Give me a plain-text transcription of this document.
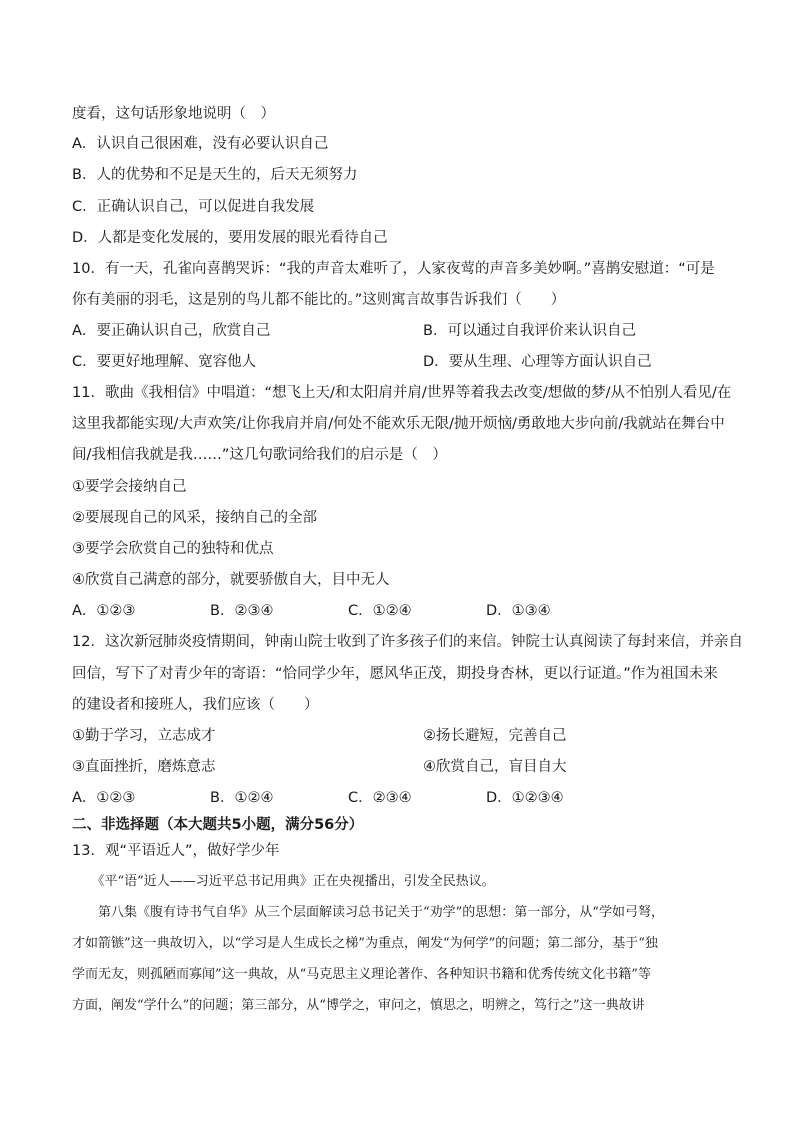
度看，这句话形象地说明（　）
A．认识自己很困难，没有必要认识自己
B．人的优势和不足是天生的，后天无须努力
C．正确认识自己，可以促进自我发展
D．人都是变化发展的，要用发展的眼光看待自己
10．有一天，孔雀向喜鹊哭诉：“我的声音太难听了，人家夜莺的声音多美妙啊。”喜鹊安慰道：“可是
你有美丽的羽毛，这是别的鸟儿都不能比的。”这则寓言故事告诉我们（　　）
A．要正确认识自己，欣赏自己	B．可以通过自我评价来认识自己
C．要更好地理解、宽容他人	D．要从生理、心理等方面认识自己
11．歌曲《我相信》中唱道：“想飞上天/和太阳肩并肩/世界等着我去改变/想做的梦/从不怕别人看见/在
这里我都能实现/大声欢笑/让你我肩并肩/何处不能欢乐无限/抛开烦恼/勇敢地大步向前/我就站在舞台中
间/我相信我就是我……”这几句歌词给我们的启示是（　）
①要学会接纳自己
②要展现自己的风采，接纳自己的全部
③要学会欣赏自己的独特和优点
④欣赏自己满意的部分，就要骄傲自大，目中无人
A．①②③	B．②③④	C．①②④	D．①③④
12．这次新冠肺炎疫情期间，钟南山院士收到了许多孩子们的来信。钟院士认真阅读了每封来信，并亲自
回信，写下了对青少年的寄语：“恰同学少年，愿风华正茂，期投身杏林，更以行证道。”作为祖国未来
的建设者和接班人，我们应该（　　）
①勤于学习，立志成才	②扬长避短，完善自己
③直面挫折，磨炼意志	④欣赏自己，盲目自大
A．①②③	B．①②④	C．②③④	D．①②③④
二、非选择题（本大题共5小题，满分56分）
13．观“平语近人”，做好学少年
　　《平“语”近人——习近平总书记用典》正在央视播出，引发全民热议。
　　第八集《腹有诗书气自华》从三个层面解读习总书记关于“劝学”的思想：第一部分，从“学如弓弩，
才如箭镞”这一典故切入，以“学习是人生成长之梯”为重点，阐发“为何学”的问题；第二部分，基于“独
学而无友，则孤陋而寡闻”这一典故，从“马克思主义理论著作、各种知识书籍和优秀传统文化书籍”等
方面，阐发“学什么”的问题；第三部分，从“博学之，审问之，慎思之，明辨之，笃行之”这一典故讲
